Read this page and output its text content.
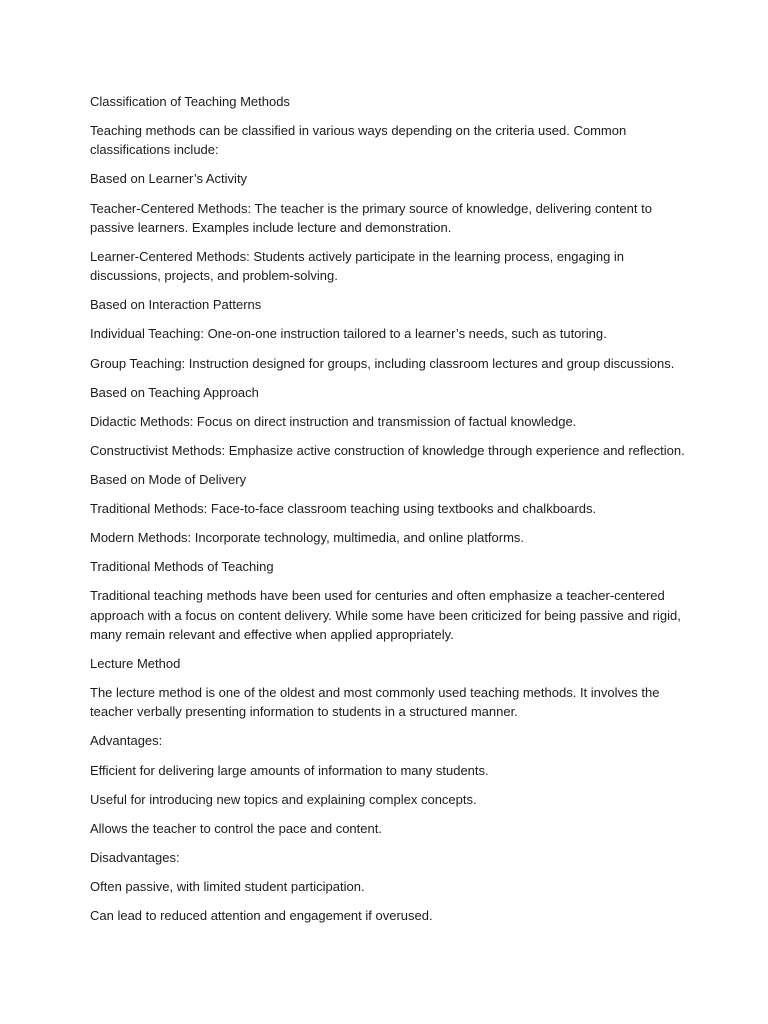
Classification of Teaching Methods

Teaching methods can be classified in various ways depending on the criteria used. Common classifications include:

Based on Learner’s Activity

Teacher-Centered Methods: The teacher is the primary source of knowledge, delivering content to passive learners. Examples include lecture and demonstration.

Learner-Centered Methods: Students actively participate in the learning process, engaging in discussions, projects, and problem-solving.

Based on Interaction Patterns

Individual Teaching: One-on-one instruction tailored to a learner’s needs, such as tutoring.

Group Teaching: Instruction designed for groups, including classroom lectures and group discussions.

Based on Teaching Approach

Didactic Methods: Focus on direct instruction and transmission of factual knowledge.

Constructivist Methods: Emphasize active construction of knowledge through experience and reflection.

Based on Mode of Delivery

Traditional Methods: Face-to-face classroom teaching using textbooks and chalkboards.

Modern Methods: Incorporate technology, multimedia, and online platforms.

Traditional Methods of Teaching

Traditional teaching methods have been used for centuries and often emphasize a teacher-centered approach with a focus on content delivery. While some have been criticized for being passive and rigid, many remain relevant and effective when applied appropriately.

Lecture Method

The lecture method is one of the oldest and most commonly used teaching methods. It involves the teacher verbally presenting information to students in a structured manner.

Advantages:

Efficient for delivering large amounts of information to many students.

Useful for introducing new topics and explaining complex concepts.

Allows the teacher to control the pace and content.

Disadvantages:

Often passive, with limited student participation.

Can lead to reduced attention and engagement if overused.
